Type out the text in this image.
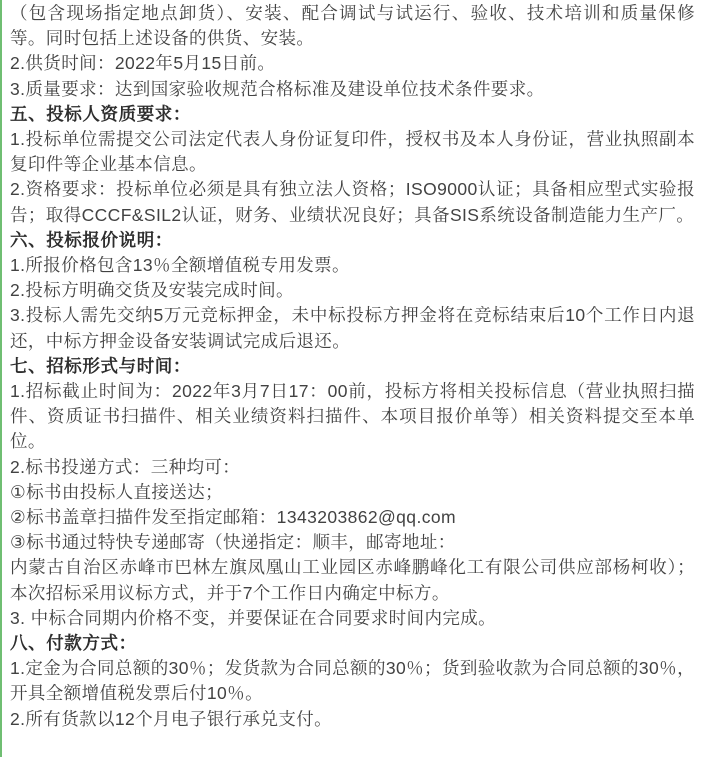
（包含现场指定地点卸货）、安装、配合调试与试运行、验收、技术培训和质量保修等。同时包括上述设备的供货、安装。

2.供货时间：2022年5月15日前。

3.质量要求：达到国家验收规范合格标准及建设单位技术条件要求。

五、投标人资质要求：

1.投标单位需提交公司法定代表人身份证复印件，授权书及本人身份证，营业执照副本复印件等企业基本信息。

2.资格要求：投标单位必须是具有独立法人资格；ISO9000认证；具备相应型式实验报告；取得CCCF&SIL2认证，财务、业绩状况良好；具备SIS系统设备制造能力生产厂。

六、投标报价说明：

1.所报价格包含13％全额增值税专用发票。

2.投标方明确交货及安装完成时间。

3.投标人需先交纳5万元竞标押金，未中标投标方押金将在竞标结束后10个工作日内退还，中标方押金设备安装调试完成后退还。

七、招标形式与时间：

1.招标截止时间为：2022年3月7日17：00前，投标方将相关投标信息（营业执照扫描件、资质证书扫描件、相关业绩资料扫描件、本项目报价单等）相关资料提交至本单位。

2.标书投递方式：三种均可：

①标书由投标人直接送达；

②标书盖章扫描件发至指定邮箱：1343203862@qq.com

③标书通过特快专递邮寄（快递指定：顺丰，邮寄地址：

内蒙古自治区赤峰市巴林左旗凤凰山工业园区赤峰鹏峰化工有限公司供应部杨柯收）；本次招标采用议标方式，并于7个工作日内确定中标方。

3. 中标合同期内价格不变，并要保证在合同要求时间内完成。

八、付款方式：

1.定金为合同总额的30％；发货款为合同总额的30％；货到验收款为合同总额的30％，开具全额增值税发票后付10％。

2.所有货款以12个月电子银行承兑支付。
